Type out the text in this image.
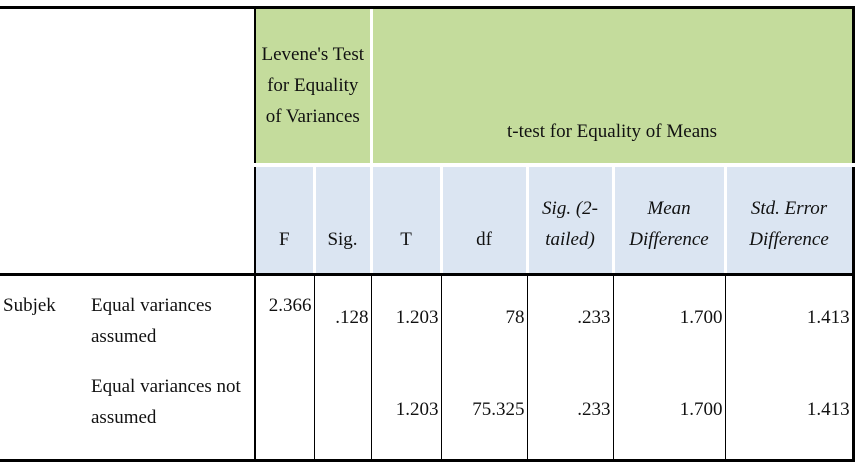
		Levene's Test for Equality of Variances		t-test for Equality of Means				
		F	Sig.	T	df	Sig. (2-tailed)	Mean Difference	Std. Error Difference
Subjek	Equal variances assumed	2.366	.128	1.203	78	.233	1.700	1.413
	Equal variances not assumed			1.203	75.325	.233	1.700	1.413
